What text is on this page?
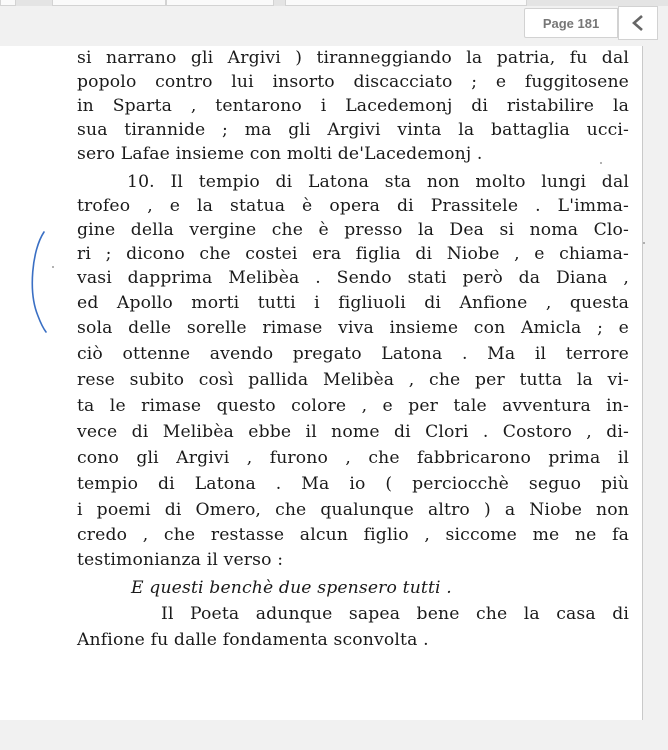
Page 181
si narrano gli Argivi ) tiranneggiando la patria, fu dal
popolo contro lui insorto discacciato ; e fuggitosene
in Sparta , tentarono i Lacedemonj di ristabilire la
sua tirannide ; ma gli Argivi vinta la battaglia ucci-
sero Lafae insieme con molti de'Lacedemonj .
10. Il tempio di Latona sta non molto lungi dal
trofeo , e la statua è opera di Prassitele . L'imma-
gine della vergine che è presso la Dea si noma Clo-
ri ; dicono che costei era figlia di Niobe , e chiama-
vasi dapprima Melibèa . Sendo stati però da Diana ,
ed Apollo morti tutti i figliuoli di Anfione , questa
sola delle sorelle rimase viva insieme con Amicla ; e
ciò ottenne avendo pregato Latona . Ma il terrore
rese subito così pallida Melibèa , che per tutta la vi-
ta le rimase questo colore , e per tale avventura in-
vece di Melibèa ebbe il nome di Clori . Costoro , di-
cono gli Argivi , furono , che fabbricarono prima il
tempio di Latona . Ma io ( perciocchè seguo più
i poemi di Omero, che qualunque altro ) a Niobe non
credo , che restasse alcun figlio , siccome me ne fa
testimonianza il verso :
E questi benchè due spensero tutti .
Il Poeta adunque sapea bene che la casa di
Anfione fu dalle fondamenta sconvolta .
